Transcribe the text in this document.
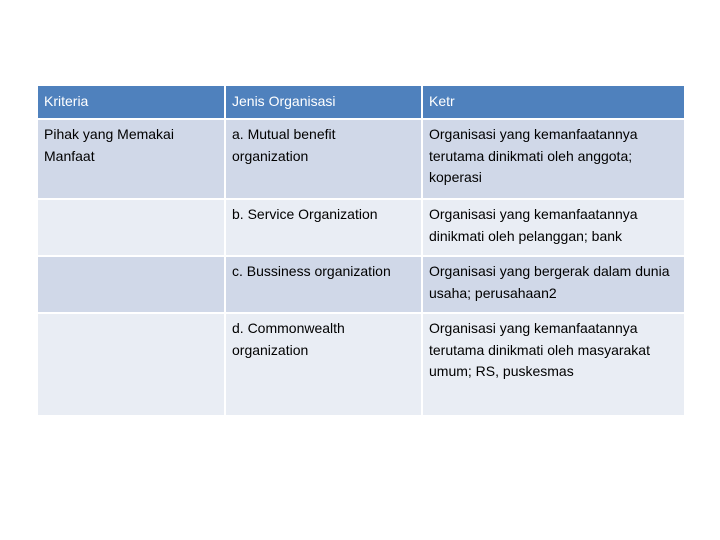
Kriteria	Jenis Organisasi	Ketr
Pihak yang Memakai Manfaat	a. Mutual benefit organization	Organisasi yang kemanfaatannya terutama dinikmati oleh anggota; koperasi
	b. Service Organization	Organisasi yang kemanfaatannya dinikmati oleh pelanggan; bank
	c. Bussiness organization	Organisasi yang bergerak dalam dunia usaha; perusahaan2
	d. Commonwealth organization	Organisasi yang kemanfaatannya terutama dinikmati oleh masyarakat umum; RS, puskesmas
